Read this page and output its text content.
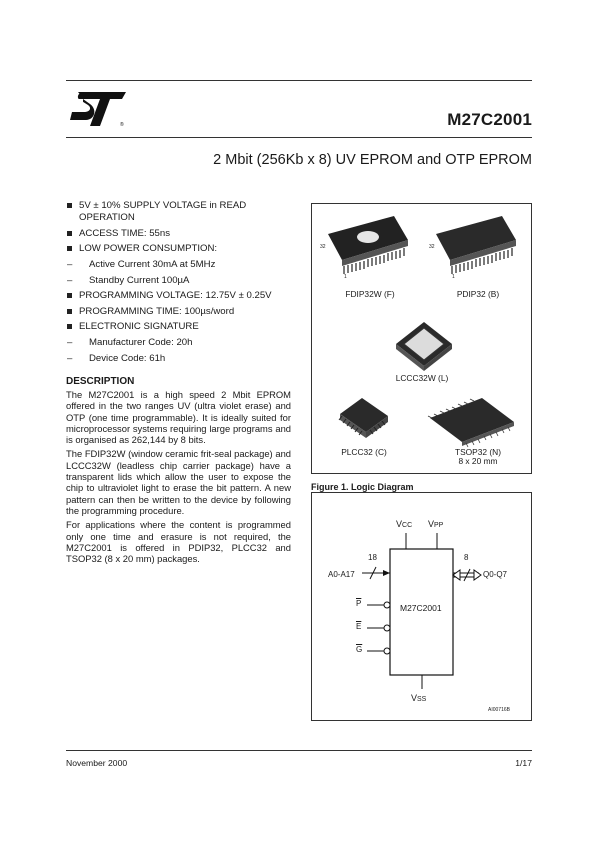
®	M27C2001
2 Mbit (256Kb x 8) UV EPROM and OTP EPROM
5V ± 10% SUPPLY VOLTAGE in READ OPERATION
ACCESS TIME: 55ns
LOW POWER CONSUMPTION:
– Active Current 30mA at 5MHz
– Standby Current 100µA
PROGRAMMING VOLTAGE: 12.75V ± 0.25V
PROGRAMMING TIME: 100µs/word
ELECTRONIC SIGNATURE
– Manufacturer Code: 20h
– Device Code: 61h
DESCRIPTION

The M27C2001 is a high speed 2 Mbit EPROM offered in the two ranges UV (ultra violet erase) and OTP (one time programmable). It is ideally suited for microprocessor systems requiring large programs and is organised as 262,144 by 8 bits.

The FDIP32W (window ceramic frit-seal package) and LCCC32W (leadless chip carrier package) have a transparent lids which allow the user to expose the chip to ultraviolet light to erase the bit pattern. A new pattern can then be written to the device by following the programming procedure.

For applications where the content is programmed only one time and erasure is not required, the M27C2001 is offered in PDIP32, PLCC32 and TSOP32 (8 x 20 mm) packages.

32
1
32
1
FDIP32W (F)	PDIP32 (B)
LCCC32W (L)
PLCC32 (C)	TSOP32 (N)
8 x 20 mm
Figure 1. Logic Diagram
VCC VPP
VSS
18
A0-A17
8
Q0-Q7
M27C2001
$\overline{P}$
$\overline{E}$
$\overline{G}$
AI00716B
November 2000	1/17
